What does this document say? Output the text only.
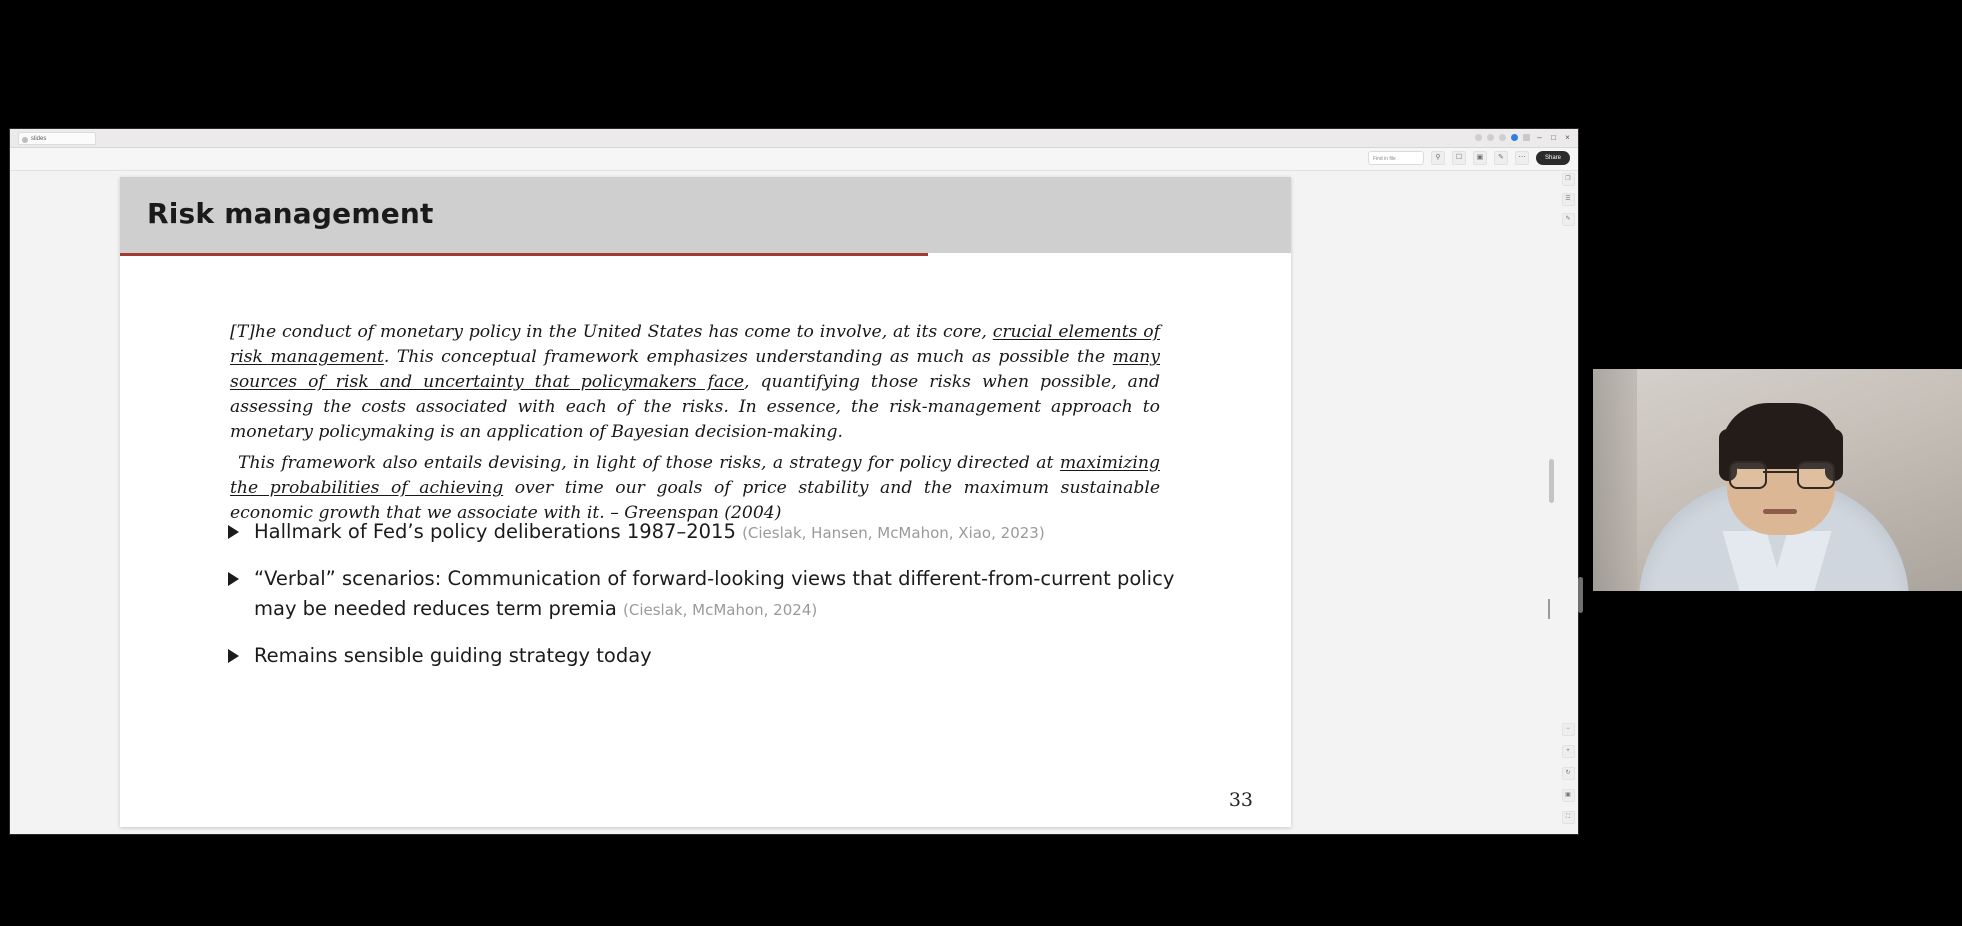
slides	– □ ×
Find in file	⚲	☐	▣	✎	⋯	Share
❐
☰
✎
−
+
↻
▣
⛶
Risk management

[T]he conduct of monetary policy in the United States has come to involve, at its core, crucial elements of risk management. This conceptual framework emphasizes understanding as much as possible the many sources of risk and uncertainty that policymakers face, quantifying those risks when possible, and assessing the costs associated with each of the risks. In essence, the risk-management approach to monetary policymaking is an application of Bayesian decision-making.

This framework also entails devising, in light of those risks, a strategy for policy directed at maximizing the probabilities of achieving over time our goals of price stability and the maximum sustainable economic growth that we associate with it. – Greenspan (2004)

Hallmark of Fed’s policy deliberations 1987–2015 (Cieslak, Hansen, McMahon, Xiao, 2023)
“Verbal” scenarios: Communication of forward-looking views that different-from-current policy may be needed reduces term premia (Cieslak, McMahon, 2024)
Remains sensible guiding strategy today
33
